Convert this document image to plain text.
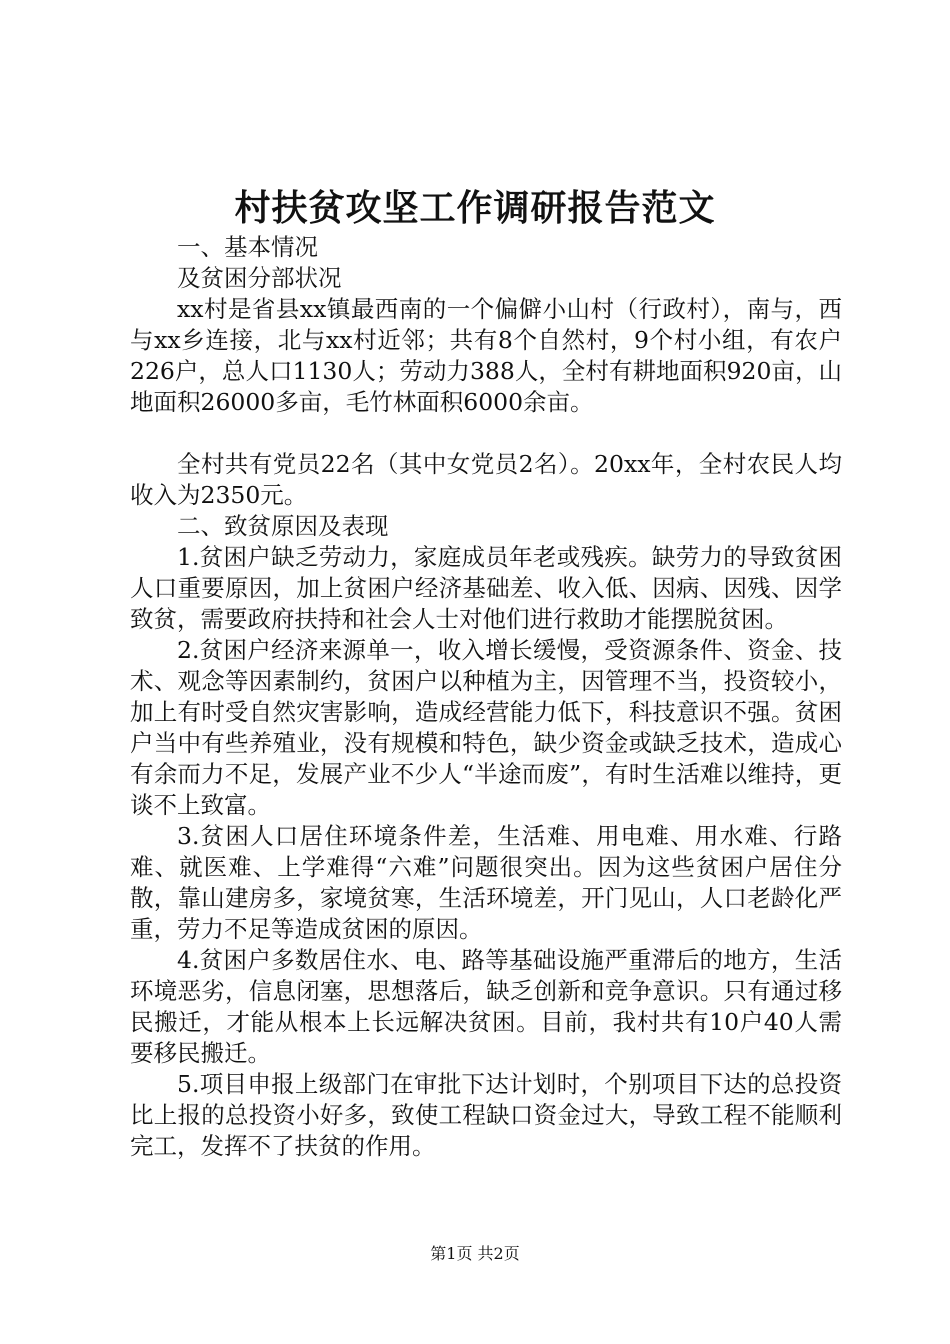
村扶贫攻坚工作调研报告范文

一、基本情况

及贫困分部状况

xx村是省县xx镇最西南的一个偏僻小山村（行政村），南与，西与xx乡连接，北与xx村近邻；共有8个自然村，9个村小组，有农户226户，总人口1130人；劳动力388人，全村有耕地面积920亩，山地面积26000多亩，毛竹林面积6000余亩。

全村共有党员22名（其中女党员2名）。20xx年，全村农民人均收入为2350元。

二、致贫原因及表现

1.贫困户缺乏劳动力，家庭成员年老或残疾。缺劳力的导致贫困人口重要原因，加上贫困户经济基础差、收入低、因病、因残、因学致贫，需要政府扶持和社会人士对他们进行救助才能摆脱贫困。

2.贫困户经济来源单一，收入增长缓慢，受资源条件、资金、技术、观念等因素制约，贫困户以种植为主，因管理不当，投资较小，加上有时受自然灾害影响，造成经营能力低下，科技意识不强。贫困户当中有些养殖业，没有规模和特色，缺少资金或缺乏技术，造成心有余而力不足，发展产业不少人“半途而废”，有时生活难以维持，更谈不上致富。

3.贫困人口居住环境条件差，生活难、用电难、用水难、行路难、就医难、上学难得“六难”问题很突出。因为这些贫困户居住分散，靠山建房多，家境贫寒，生活环境差，开门见山，人口老龄化严重，劳力不足等造成贫困的原因。

4.贫困户多数居住水、电、路等基础设施严重滞后的地方，生活环境恶劣，信息闭塞，思想落后，缺乏创新和竞争意识。只有通过移民搬迁，才能从根本上长远解决贫困。目前，我村共有10户40人需要移民搬迁。

5.项目申报上级部门在审批下达计划时，个别项目下达的总投资比上报的总投资小好多，致使工程缺口资金过大，导致工程不能顺利完工，发挥不了扶贫的作用。

第1页 共2页
